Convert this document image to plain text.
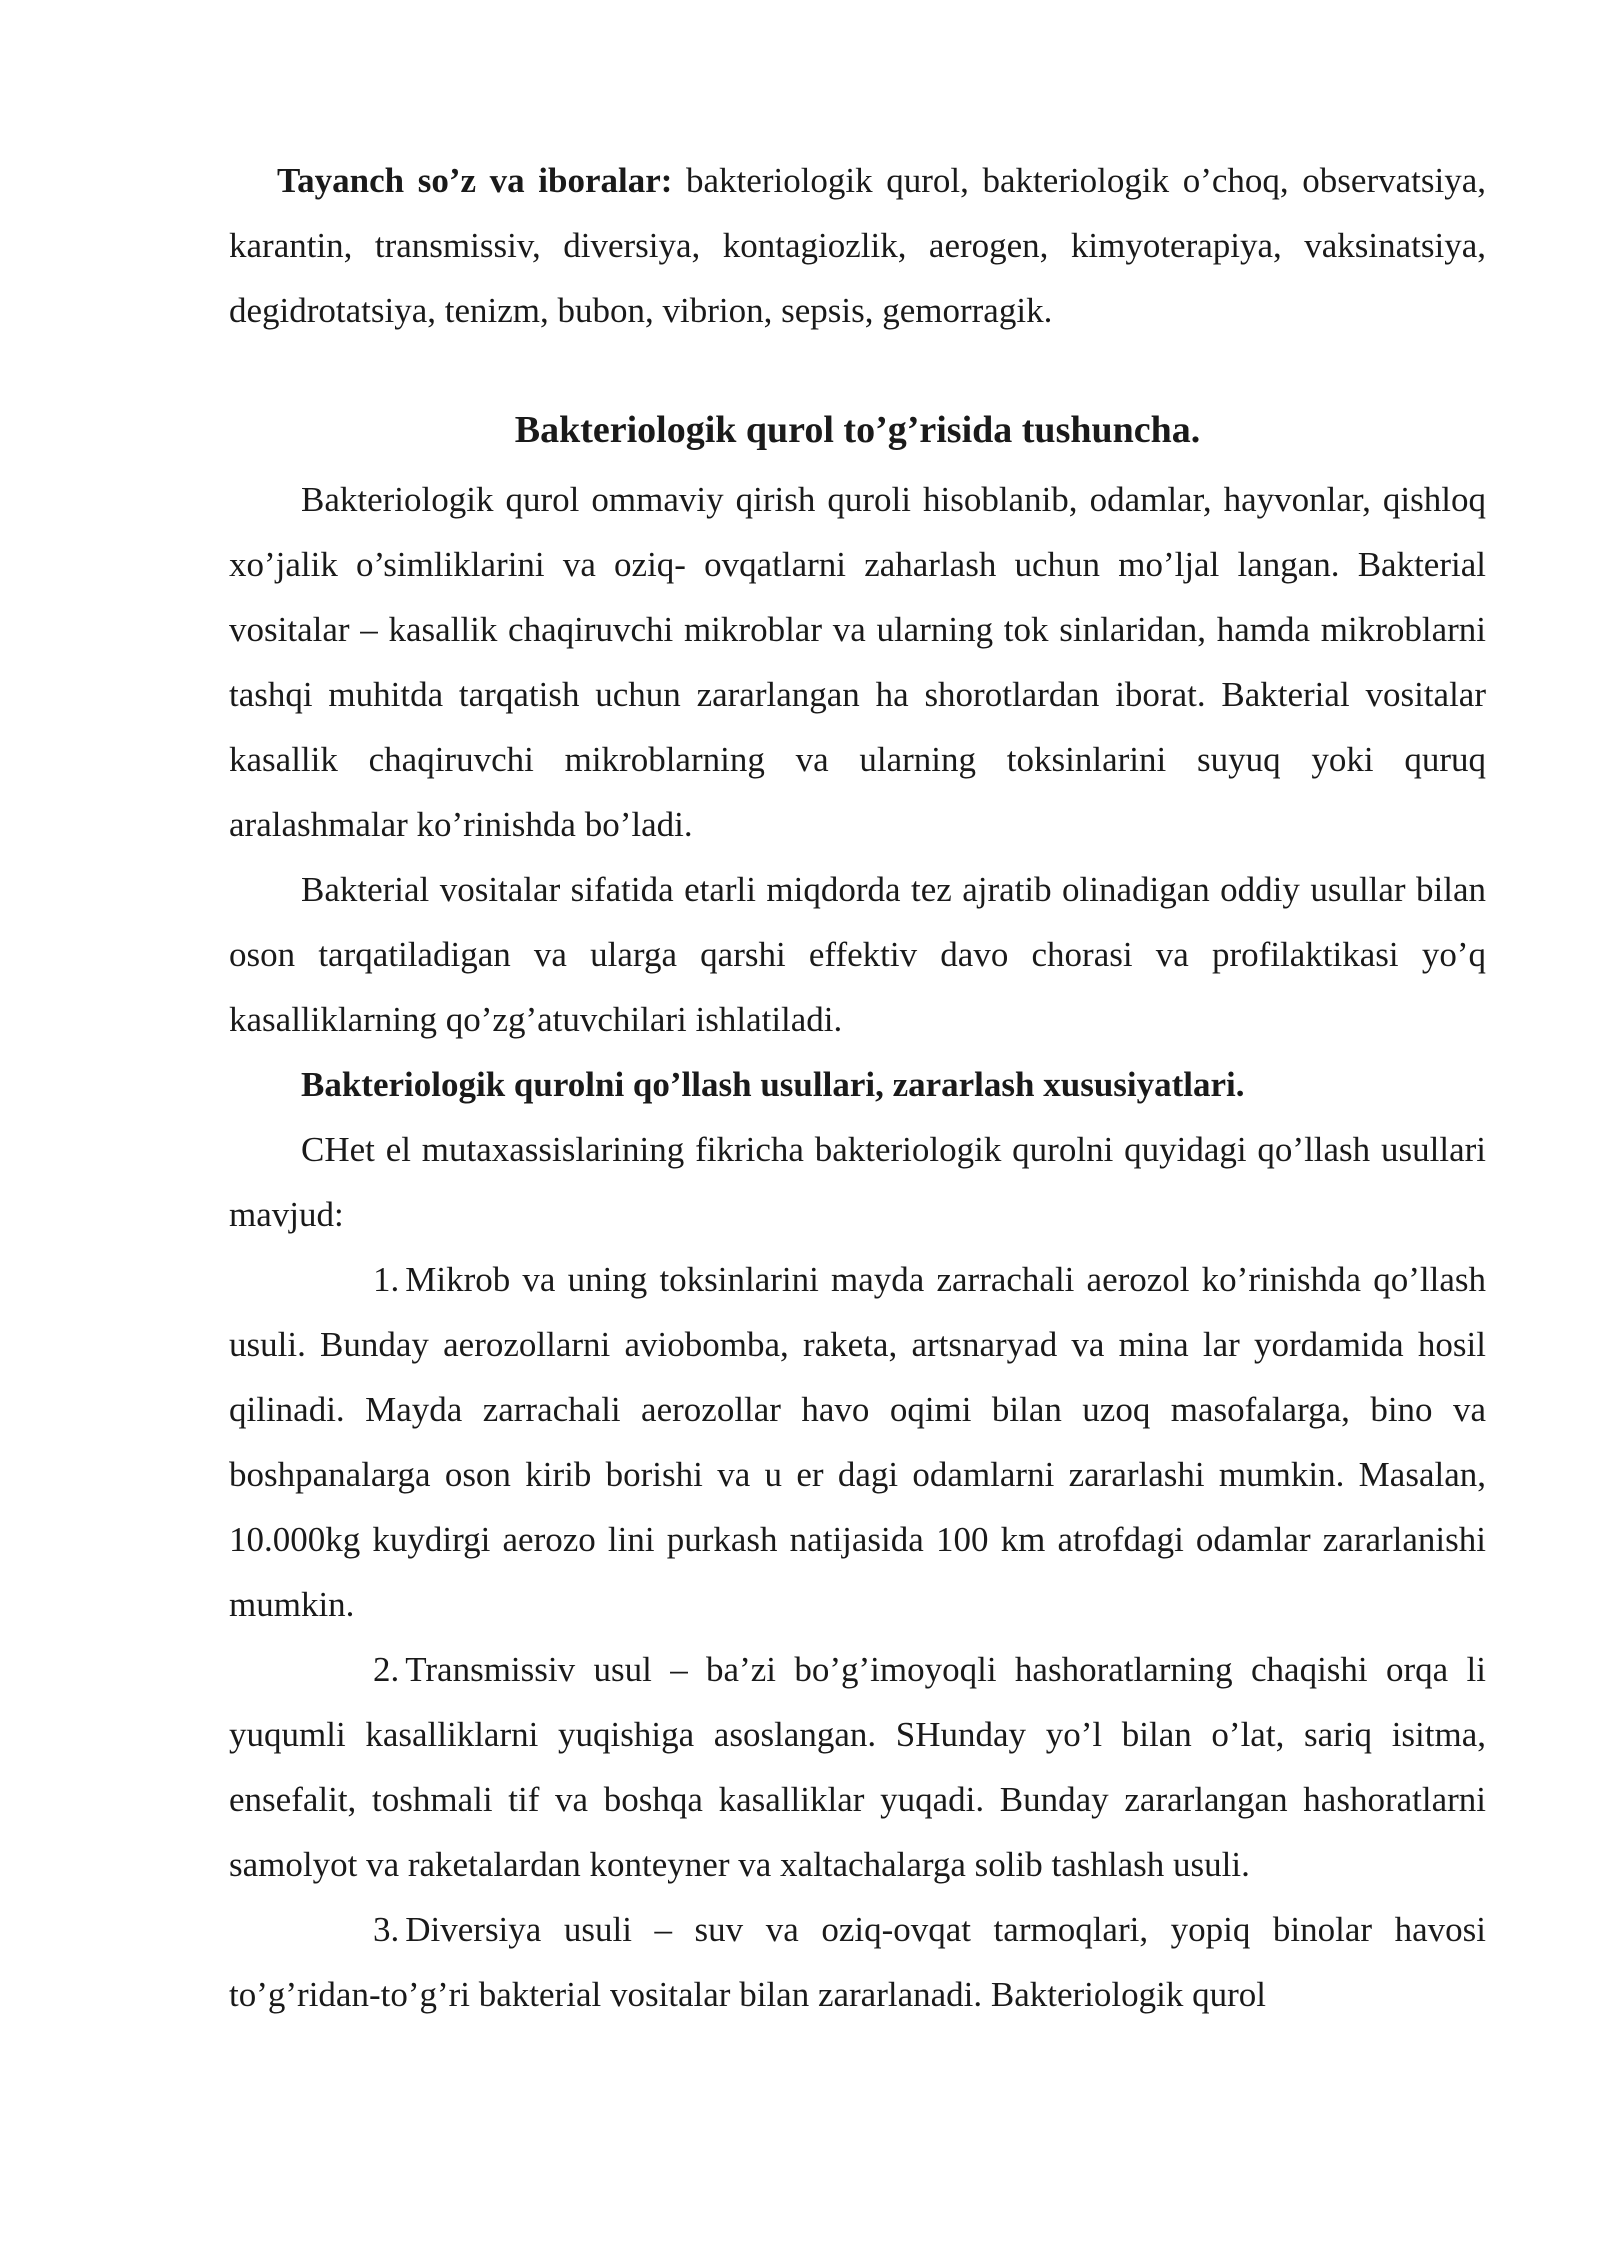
Tayanch so’z va iboralar: bakteriologik qurol, bakteriologik o’choq, observatsiya, karantin, transmissiv, diversiya, kontagiozlik, aerogen, kimyoterapiya, vaksinatsiya, degidrotatsiya, tenizm, bubon, vibrion, sepsis, gemorragik.

Bakteriologik qurol to’g’risida tushuncha.

Bakteriologik qurol ommaviy qirish quroli hisoblanib, odamlar, hayvonlar, qishloq xo’jalik o’simliklarini va oziq- ovqatlarni zaharlash uchun mo’ljal langan. Bakterial vositalar – kasallik chaqiruvchi mikroblar va ularning tok sinlaridan, hamda mikroblarni tashqi muhitda tarqatish uchun zararlangan ha shorotlardan iborat. Bakterial vositalar kasallik chaqiruvchi mikroblarning va ularning toksinlarini suyuq yoki quruq aralashmalar ko’rinishda bo’ladi.

Bakterial vositalar sifatida etarli miqdorda tez ajratib olinadigan oddiy usullar bilan oson tarqatiladigan va ularga qarshi effektiv davo chorasi va profilaktikasi yo’q kasalliklarning qo’zg’atuvchilari ishlatiladi.

Bakteriologik qurolni qo’llash usullari, zararlash xususiyatlari.

CHet el mutaxassislarining fikricha bakteriologik qurolni quyidagi qo’llash usullari mavjud:

1. Mikrob va uning toksinlarini mayda zarrachali aerozol ko’rinishda qo’llash usuli. Bunday aerozollarni aviobomba, raketa, artsnaryad va mina lar yordamida hosil qilinadi. Mayda zarrachali aerozollar havo oqimi bilan uzoq masofalarga, bino va boshpanalarga oson kirib borishi va u er dagi odamlarni zararlashi mumkin. Masalan, 10.000kg kuydirgi aerozo lini purkash natijasida 100 km atrofdagi odamlar zararlanishi mumkin.

2. Transmissiv usul – ba’zi bo’g’imoyoqli hashoratlarning chaqishi orqa li yuqumli kasalliklarni yuqishiga asoslangan. SHunday yo’l bilan o’lat, sariq isitma, ensefalit, toshmali tif va boshqa kasalliklar yuqadi. Bunday zararlangan hashoratlarni samolyot va raketalardan konteyner va xaltachalarga solib tashlash usuli.

3. Diversiya usuli – suv va oziq-ovqat tarmoqlari, yopiq binolar havosi to’g’ridan-to’g’ri bakterial vositalar bilan zararlanadi. Bakteriologik qurol
